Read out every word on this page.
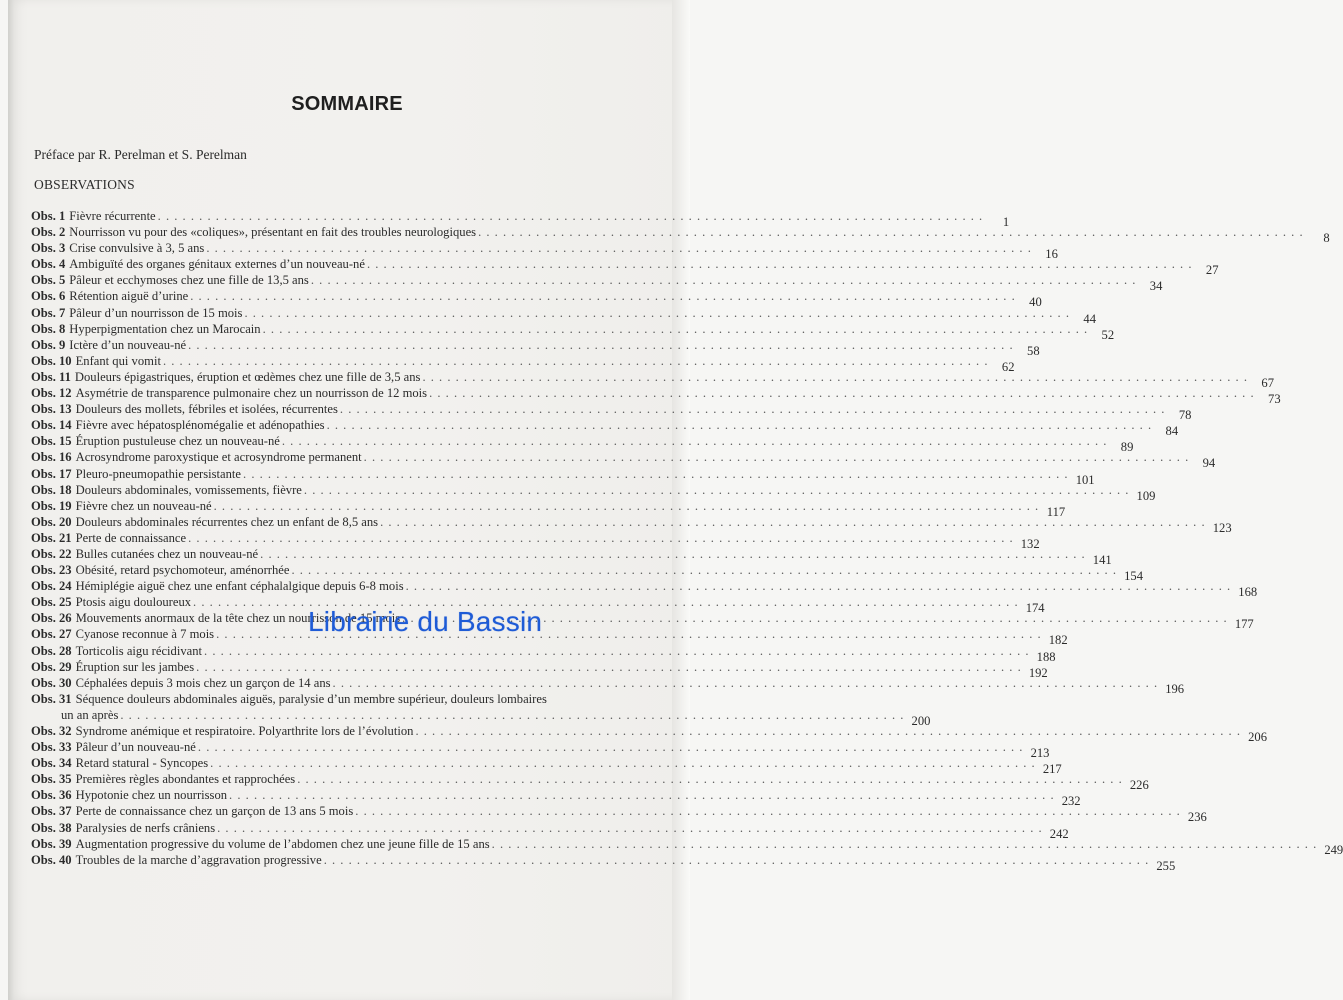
SOMMAIRE
Préface par R. Perelman et S. Perelman
OBSERVATIONS
Obs. 1 Fièvre récurrente . . .	1
Obs. 2 Nourrisson vu pour des «coliques», présentant en fait des troubles neurologiques . . .	8
Obs. 3 Crise convulsive à 3, 5 ans . . .	16
Obs. 4 Ambiguïté des organes génitaux externes d’un nouveau-né . . .	27
Obs. 5 Pâleur et ecchymoses chez une fille de 13,5 ans . . .	34
Obs. 6 Rétention aiguë d’urine . . .	40
Obs. 7 Pâleur d’un nourrisson de 15 mois . . .	44
Obs. 8 Hyperpigmentation chez un Marocain . . .	52
Obs. 9 Ictère d’un nouveau-né . . .	58
Obs. 10 Enfant qui vomit . . .	62
Obs. 11 Douleurs épigastriques, éruption et œdèmes chez une fille de 3,5 ans . . .	67
Obs. 12 Asymétrie de transparence pulmonaire chez un nourrisson de 12 mois . . .	73
Obs. 13 Douleurs des mollets, fébriles et isolées, récurrentes . . .	78
Obs. 14 Fièvre avec hépatosplénomégalie et adénopathies . . .	84
Obs. 15 Éruption pustuleuse chez un nouveau-né . . .	89
Obs. 16 Acrosyndrome paroxystique et acrosyndrome permanent . . .	94
Obs. 17 Pleuro-pneumopathie persistante . . .	101
Obs. 18 Douleurs abdominales, vomissements, fièvre . . .	109
Obs. 19 Fièvre chez un nouveau-né . . .	117
Obs. 20 Douleurs abdominales récurrentes chez un enfant de 8,5 ans . . .	123
Obs. 21 Perte de connaissance . . .	132
Obs. 22 Bulles cutanées chez un nouveau-né . . .	141
Obs. 23 Obésité, retard psychomoteur, aménorrhée . . .	154
Obs. 24 Hémiplégie aiguë chez une enfant céphalalgique depuis 6-8 mois . . .	168
Obs. 25 Ptosis aigu douloureux . . .	174
Obs. 26 Mouvements anormaux de la tête chez un nourrisson de 15 mois . . .	177
Obs. 27 Cyanose reconnue à 7 mois . . .	182
Obs. 28 Torticolis aigu récidivant . . .	188
Obs. 29 Éruption sur les jambes . . .	192
Obs. 30 Céphalées depuis 3 mois chez un garçon de 14 ans . . .	196
Obs. 31 Séquence douleurs abdominales aiguës, paralysie d’un membre supérieur, douleurs lombaires
un an après . . .	200
Obs. 32 Syndrome anémique et respiratoire. Polyarthrite lors de l’évolution . . .	206
Obs. 33 Pâleur d’un nouveau-né . . .	213
Obs. 34 Retard statural - Syncopes . . .	217
Obs. 35 Premières règles abondantes et rapprochées . . .	226
Obs. 36 Hypotonie chez un nourrisson . . .	232
Obs. 37 Perte de connaissance chez un garçon de 13 ans 5 mois . . .	236
Obs. 38 Paralysies de nerfs crâniens . . .	242
Obs. 39 Augmentation progressive du volume de l’abdomen chez une jeune fille de 15 ans . . .	249
Obs. 40 Troubles de la marche d’aggravation progressive . . .	255
Librairie du Bassin
